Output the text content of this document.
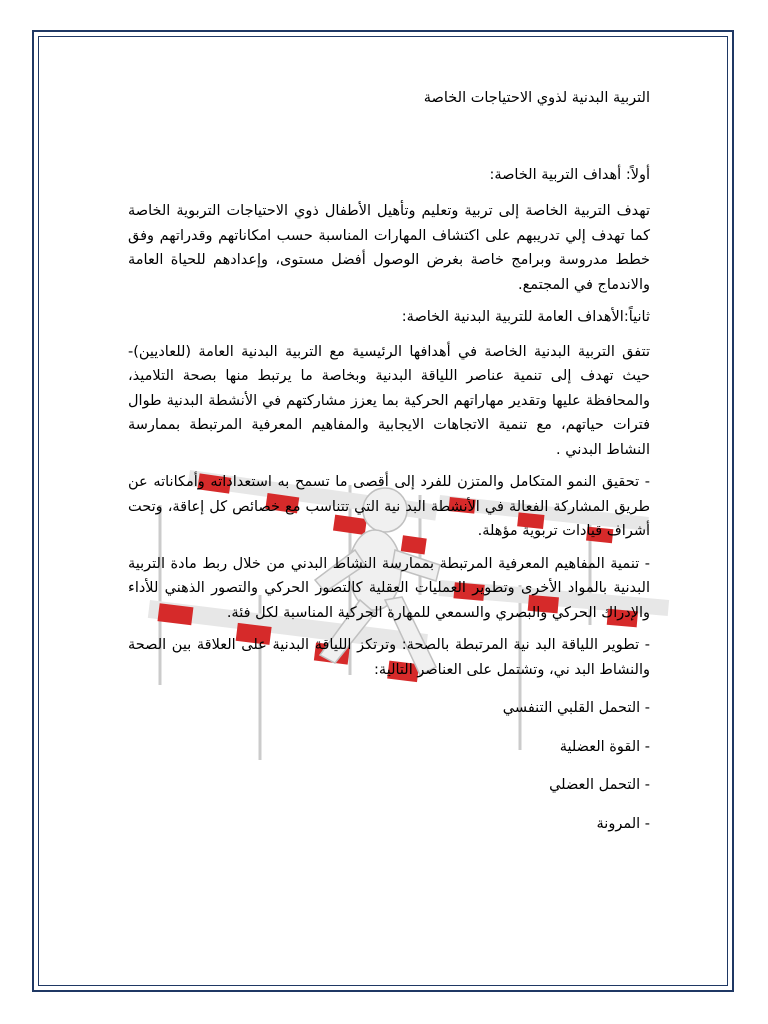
التربية البدنية لذوي الاحتياجات الخاصة

أولاً: أهداف التربية الخاصة:

تهدف التربية الخاصة إلى تربية وتعليم وتأهيل الأطفال ذوي الاحتياجات التربوية الخاصة كما تهدف إلي تدريبهم على اكتشاف المهارات المناسبة حسب امكاناتهم وقدراتهم وفق خطط مدروسة وبرامج خاصة بغرض الوصول أفضل مستوى، وإعدادهم للحياة العامة والاندماج في المجتمع.

ثانياً:الأهداف العامة للتربية البدنية الخاصة:

تتفق التربية البدنية الخاصة في أهدافها الرئيسية مع التربية البدنية العامة (للعاديين)- حيث تهدف إلى تنمية عناصر اللياقة البدنية وبخاصة ما يرتبط منها بصحة التلاميذ، والمحافظة عليها وتقدير مهاراتهم الحركية بما يعزز مشاركتهم في الأنشطة البدنية طوال فترات حياتهم، مع تنمية الاتجاهات الايجابية والمفاهيم المعرفية المرتبطة بممارسة النشاط البدني .

- تحقيق النمو المتكامل والمتزن للفرد إلى أقصى ما تسمح به استعداداته وأمكاناته عن طريق المشاركة الفعالة في الأنشطة البد نية التي تتناسب مع خصائص كل إعاقة، وتحت أشراف قيادات تربوية مؤهلة.

- تنمية المفاهيم المعرفية المرتبطة بممارسة النشاط البدني من خلال ربط مادة التربية البدنية بالمواد الأخرى وتطوير العمليات العقلية كالتصور الحركي والتصور الذهني للأداء والإدراك الحركي والبصري والسمعي للمهارة الحركية المناسبة لكل فئة.

- تطوير اللياقة البد نية المرتبطة بالصحة: وترتكز اللياقة البدنية على العلاقة بين الصحة والنشاط البد ني، وتشتمل على العناصر التالية:

- التحمل القلبي التنفسي

- القوة العضلية

- التحمل العضلي

- المرونة
